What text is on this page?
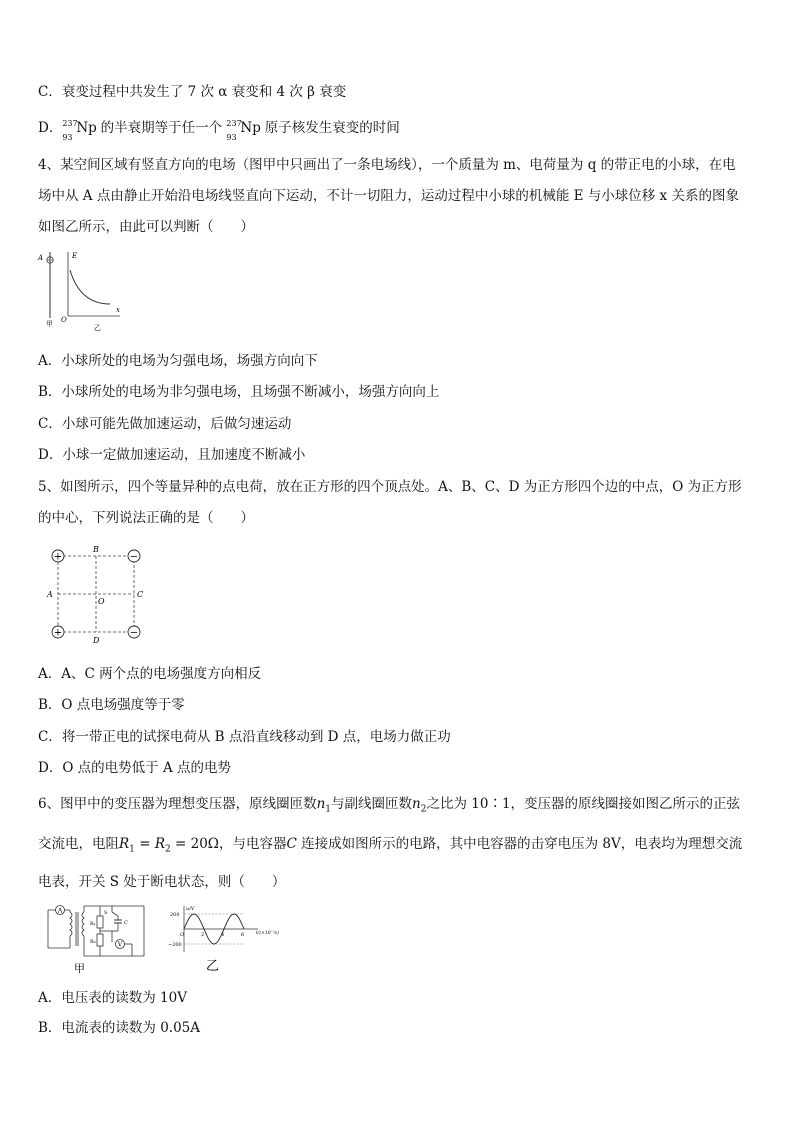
C．衰变过程中共发生了 7 次 α 衰变和 4 次 β 衰变
D． 237
93
Np 的半衰期等于任一个 237
93
Np 原子核发生衰变的时间
4、某空间区域有竖直方向的电场（图甲中只画出了一条电场线），一个质量为 m、电荷量为 q 的带正电的小球，在电
场中从 A 点由静止开始沿电场线竖直向下运动，不计一切阻力，运动过程中小球的机械能 E 与小球位移 x 关系的图象
如图乙所示，由此可以判断（　　）
A
甲
E
O
x
乙
A．小球所处的电场为匀强电场，场强方向向下
B．小球所处的电场为非匀强电场，且场强不断减小，场强方向向上
C．小球可能先做加速运动，后做匀速运动
D．小球一定做加速运动，且加速度不断减小
5、如图所示，四个等量异种的点电荷，放在正方形的四个顶点处。A、B、C、D 为正方形四个边的中点，O 为正方形
的中心，下列说法正确的是（　　）
+	−
+	−
B
A
O
C
D
A．A、C 两个点的电场强度方向相反
B．O 点电场强度等于零
C．将一带正电的试探电荷从 B 点沿直线移动到 D 点，电场力做正功
D．O 点的电势低于 A 点的电势
6、图甲中的变压器为理想变压器，原线圈匝数$n_1$与副线圈匝数$n_2$之比为 10∶1，变压器的原线圈接如图乙所示的正弦
交流电，电阻$R_1 = R_2 = 20\Omega$，与电容器C 连接成如图所示的电路，其中电容器的击穿电压为 8V，电表均为理想交流
电表，开关 S 处于断电状态，则（　　）
A
R₁
R₂
S
C
V
甲
u/V
200
−200
O	2	4	6	t/(×10⁻²s)
乙
A．电压表的读数为 10V
B．电流表的读数为 0.05A
